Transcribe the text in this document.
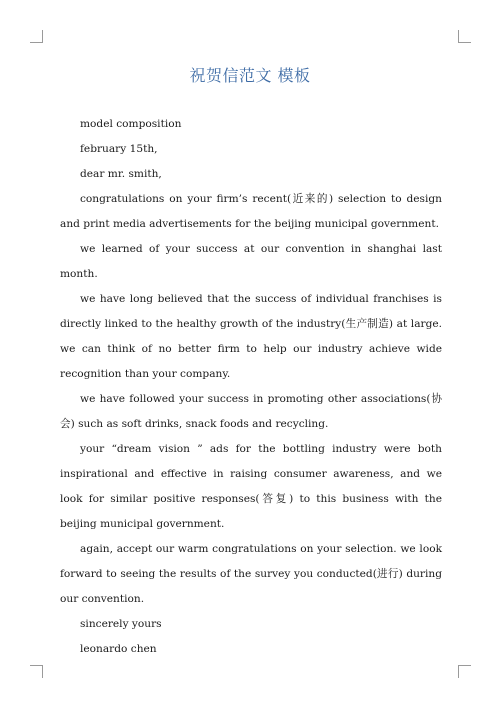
祝贺信范文 模板

model composition

february 15th,

dear mr. smith,

congratulations on your firm’s recent(近来的) selection to design and print media advertisements for the beijing municipal government.

we learned of your success at our convention in shanghai last month.

we have long believed that the success of individual franchises is directly linked to the healthy growth of the industry(生产制造) at large. we can think of no better firm to help our industry achieve wide recognition than your company.

we have followed your success in promoting other associations(协会) such as soft drinks, snack foods and recycling.

your “dream vision ” ads for the bottling industry were both inspirational and effective in raising consumer awareness, and we look for similar positive responses(答复) to this business with the beijing municipal government.

again, accept our warm congratulations on your selection. we look forward to seeing the results of the survey you conducted(进行) during our convention.

sincerely yours

leonardo chen
